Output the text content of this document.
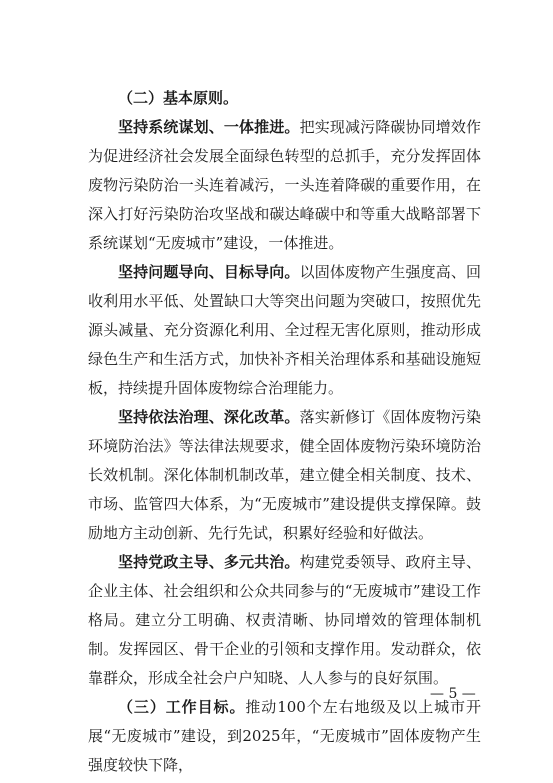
（二）基本原则。

坚持系统谋划、一体推进。把实现减污降碳协同增效作为促进经济社会发展全面绿色转型的总抓手，充分发挥固体废物污染防治一头连着减污，一头连着降碳的重要作用，在深入打好污染防治攻坚战和碳达峰碳中和等重大战略部署下系统谋划“无废城市”建设，一体推进。

坚持问题导向、目标导向。以固体废物产生强度高、回收利用水平低、处置缺口大等突出问题为突破口，按照优先源头减量、充分资源化利用、全过程无害化原则，推动形成绿色生产和生活方式，加快补齐相关治理体系和基础设施短板，持续提升固体废物综合治理能力。

坚持依法治理、深化改革。落实新修订《固体废物污染环境防治法》等法律法规要求，健全固体废物污染环境防治长效机制。深化体制机制改革，建立健全相关制度、技术、市场、监管四大体系，为“无废城市”建设提供支撑保障。鼓励地方主动创新、先行先试，积累好经验和好做法。

坚持党政主导、多元共治。构建党委领导、政府主导、企业主体、社会组织和公众共同参与的“无废城市”建设工作格局。建立分工明确、权责清晰、协同增效的管理体制机制。发挥园区、骨干企业的引领和支撑作用。发动群众，依靠群众，形成全社会户户知晓、人人参与的良好氛围。

（三）工作目标。推动100个左右地级及以上城市开展“无废城市”建设，到2025年，“无废城市”固体废物产生强度较快下降，

— 5 —
